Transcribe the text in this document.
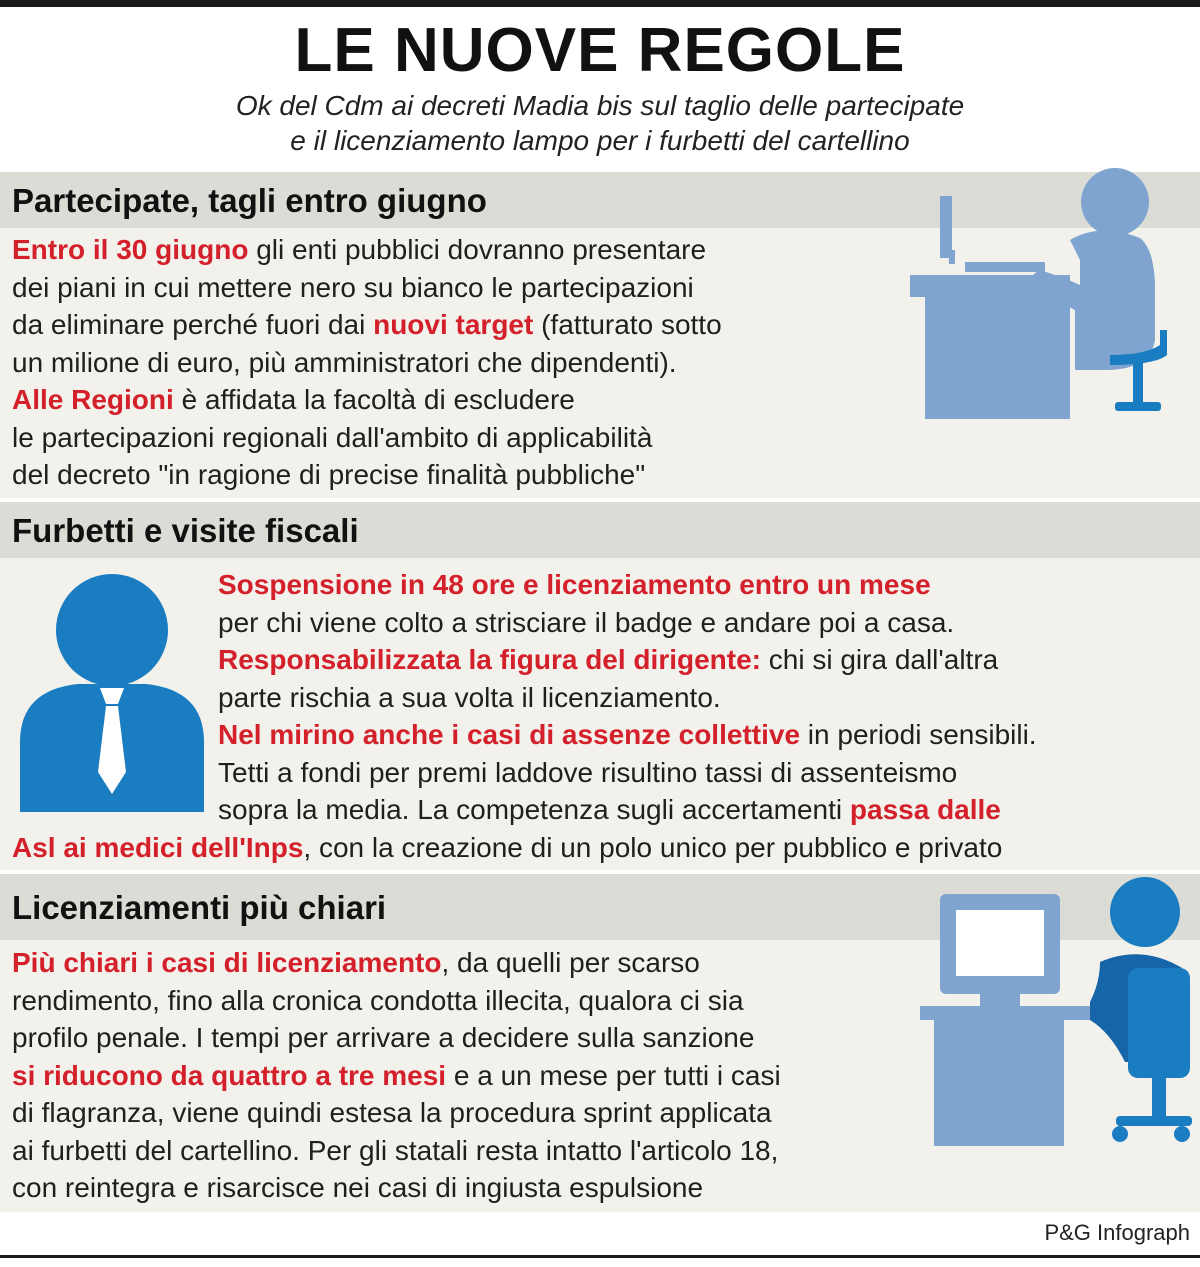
LE NUOVE REGOLE
Ok del Cdm ai decreti Madia bis sul taglio delle partecipate
e il licenziamento lampo per i furbetti del cartellino
Partecipate, tagli entro giugno
Entro il 30 giugno gli enti pubblici dovranno presentare
dei piani in cui mettere nero su bianco le partecipazioni
da eliminare perché fuori dai nuovi target (fatturato sotto
un milione di euro, più amministratori che dipendenti).
Alle Regioni è affidata la facoltà di escludere
le partecipazioni regionali dall'ambito di applicabilità
del decreto "in ragione di precise finalità pubbliche"
Furbetti e visite fiscali
Sospensione in 48 ore e licenziamento entro un mese
per chi viene colto a strisciare il badge e andare poi a casa.
Responsabilizzata la figura del dirigente: chi si gira dall'altra
parte rischia a sua volta il licenziamento.
Nel mirino anche i casi di assenze collettive in periodi sensibili.
Tetti a fondi per premi laddove risultino tassi di assenteismo
sopra la media. La competenza sugli accertamenti passa dalle
Asl ai medici dell'Inps, con la creazione di un polo unico per pubblico e privato
Licenziamenti più chiari
Più chiari i casi di licenziamento, da quelli per scarso
rendimento, fino alla cronica condotta illecita, qualora ci sia
profilo penale. I tempi per arrivare a decidere sulla sanzione
si riducono da quattro a tre mesi e a un mese per tutti i casi
di flagranza, viene quindi estesa la procedura sprint applicata
ai furbetti del cartellino. Per gli statali resta intatto l'articolo 18,
con reintegra e risarcisce nei casi di ingiusta espulsione
P&G Infograph
